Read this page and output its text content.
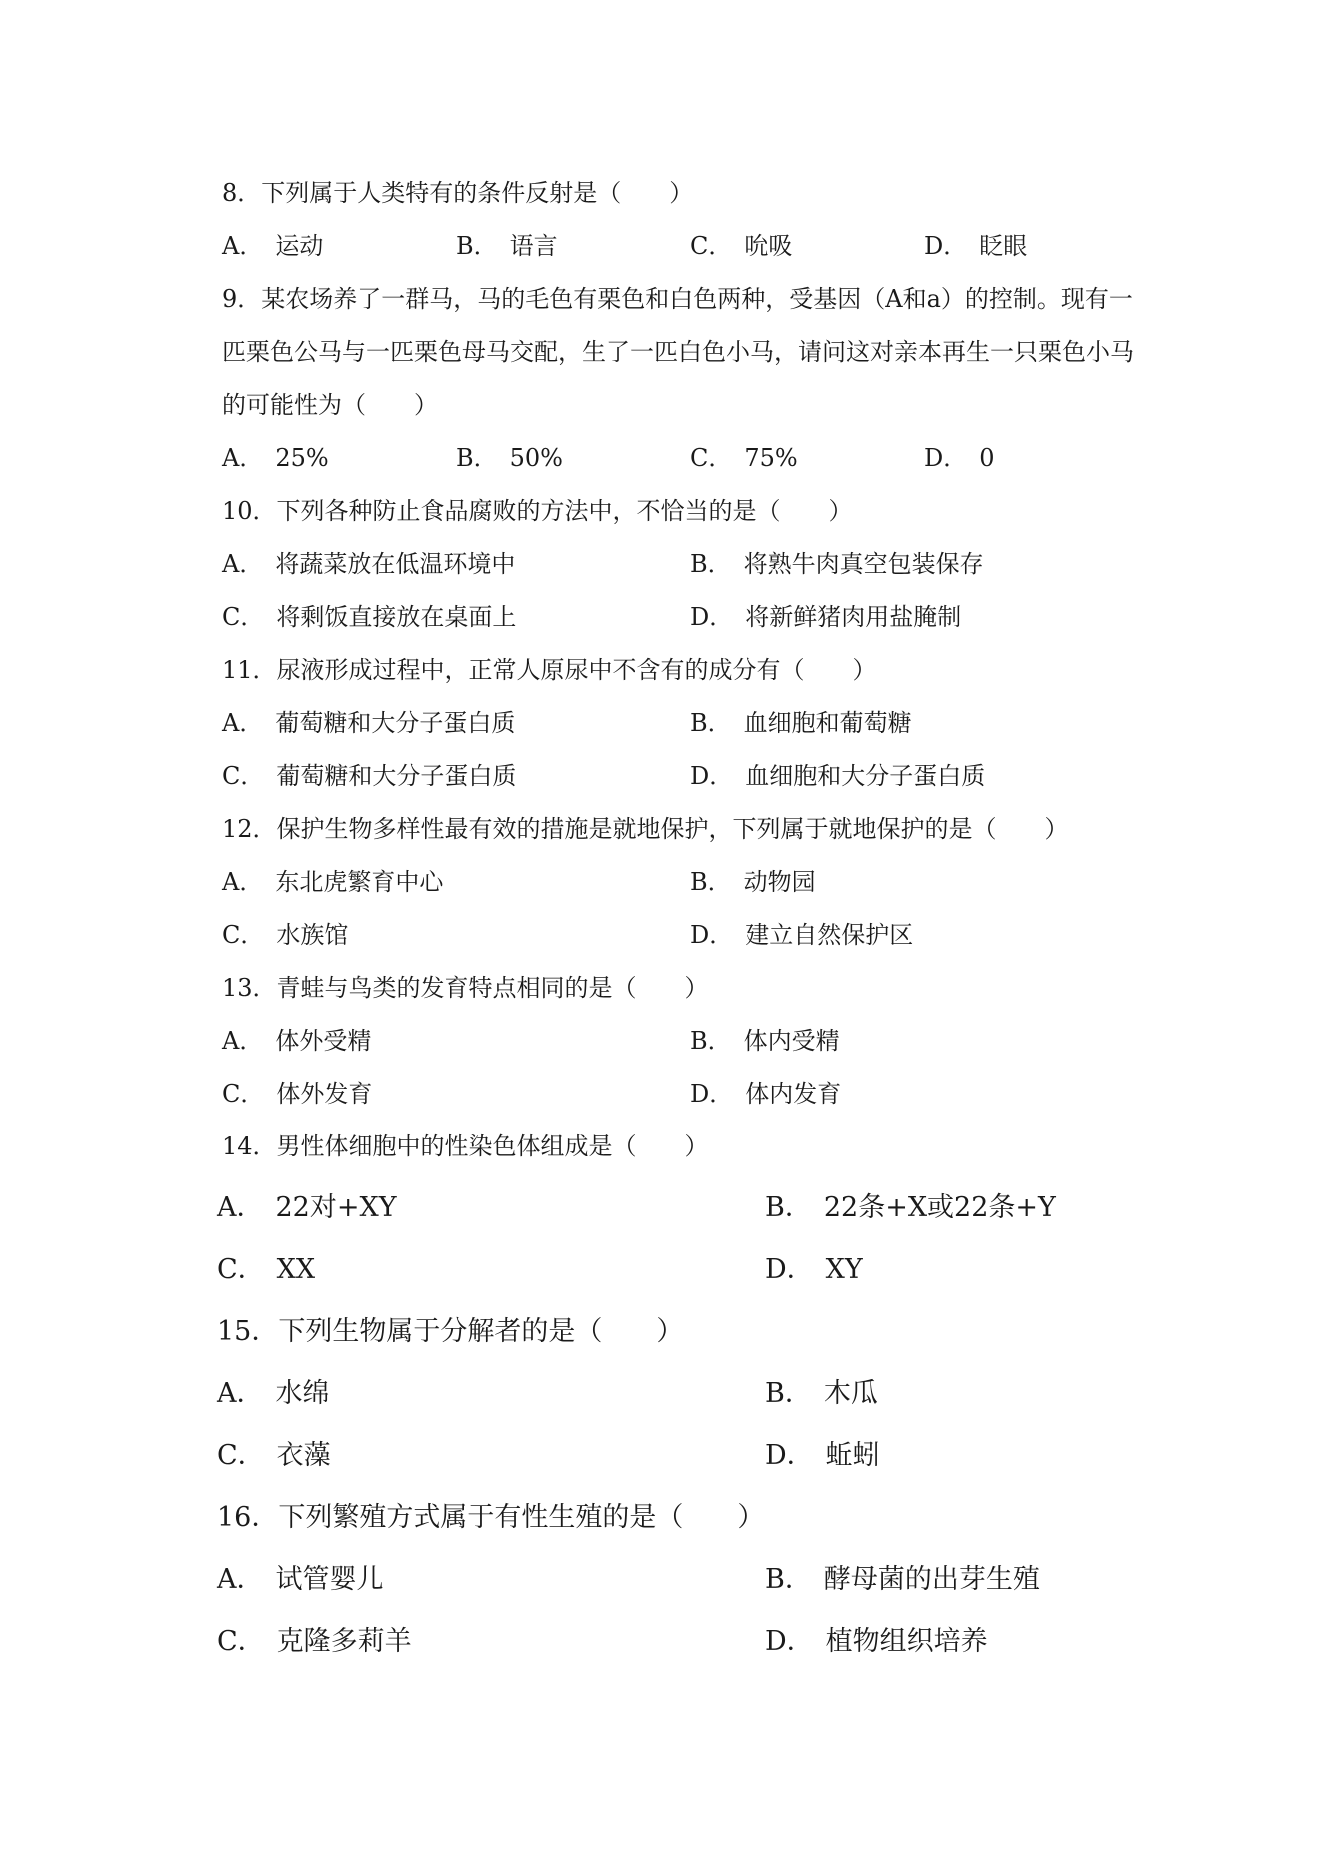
8．下列属于人类特有的条件反射是（　　）
A． 运动	B． 语言	C． 吮吸	D． 眨眼
9．某农场养了一群马，马的毛色有栗色和白色两种，受基因（A和a）的控制。现有一
匹栗色公马与一匹栗色母马交配，生了一匹白色小马，请问这对亲本再生一只栗色小马
的可能性为（　　）
A． 25%	B． 50%	C． 75%	D． 0
10．下列各种防止食品腐败的方法中，不恰当的是（　　）
A． 将蔬菜放在低温环境中	B． 将熟牛肉真空包装保存
C． 将剩饭直接放在桌面上	D． 将新鲜猪肉用盐腌制
11．尿液形成过程中，正常人原尿中不含有的成分有（　　）
A． 葡萄糖和大分子蛋白质	B． 血细胞和葡萄糖
C． 葡萄糖和大分子蛋白质	D． 血细胞和大分子蛋白质
12．保护生物多样性最有效的措施是就地保护，下列属于就地保护的是（　　）
A． 东北虎繁育中心	B． 动物园
C． 水族馆	D． 建立自然保护区
13．青蛙与鸟类的发育特点相同的是（　　）
A． 体外受精	B． 体内受精
C． 体外发育	D． 体内发育
14．男性体细胞中的性染色体组成是（　　）
A． 22对+XY	B． 22条+X或22条+Y
C． XX	D． XY
15．下列生物属于分解者的是（　　）
A． 水绵	B． 木瓜
C． 衣藻	D． 蚯蚓
16．下列繁殖方式属于有性生殖的是（　　）
A． 试管婴儿	B． 酵母菌的出芽生殖
C． 克隆多莉羊	D． 植物组织培养
